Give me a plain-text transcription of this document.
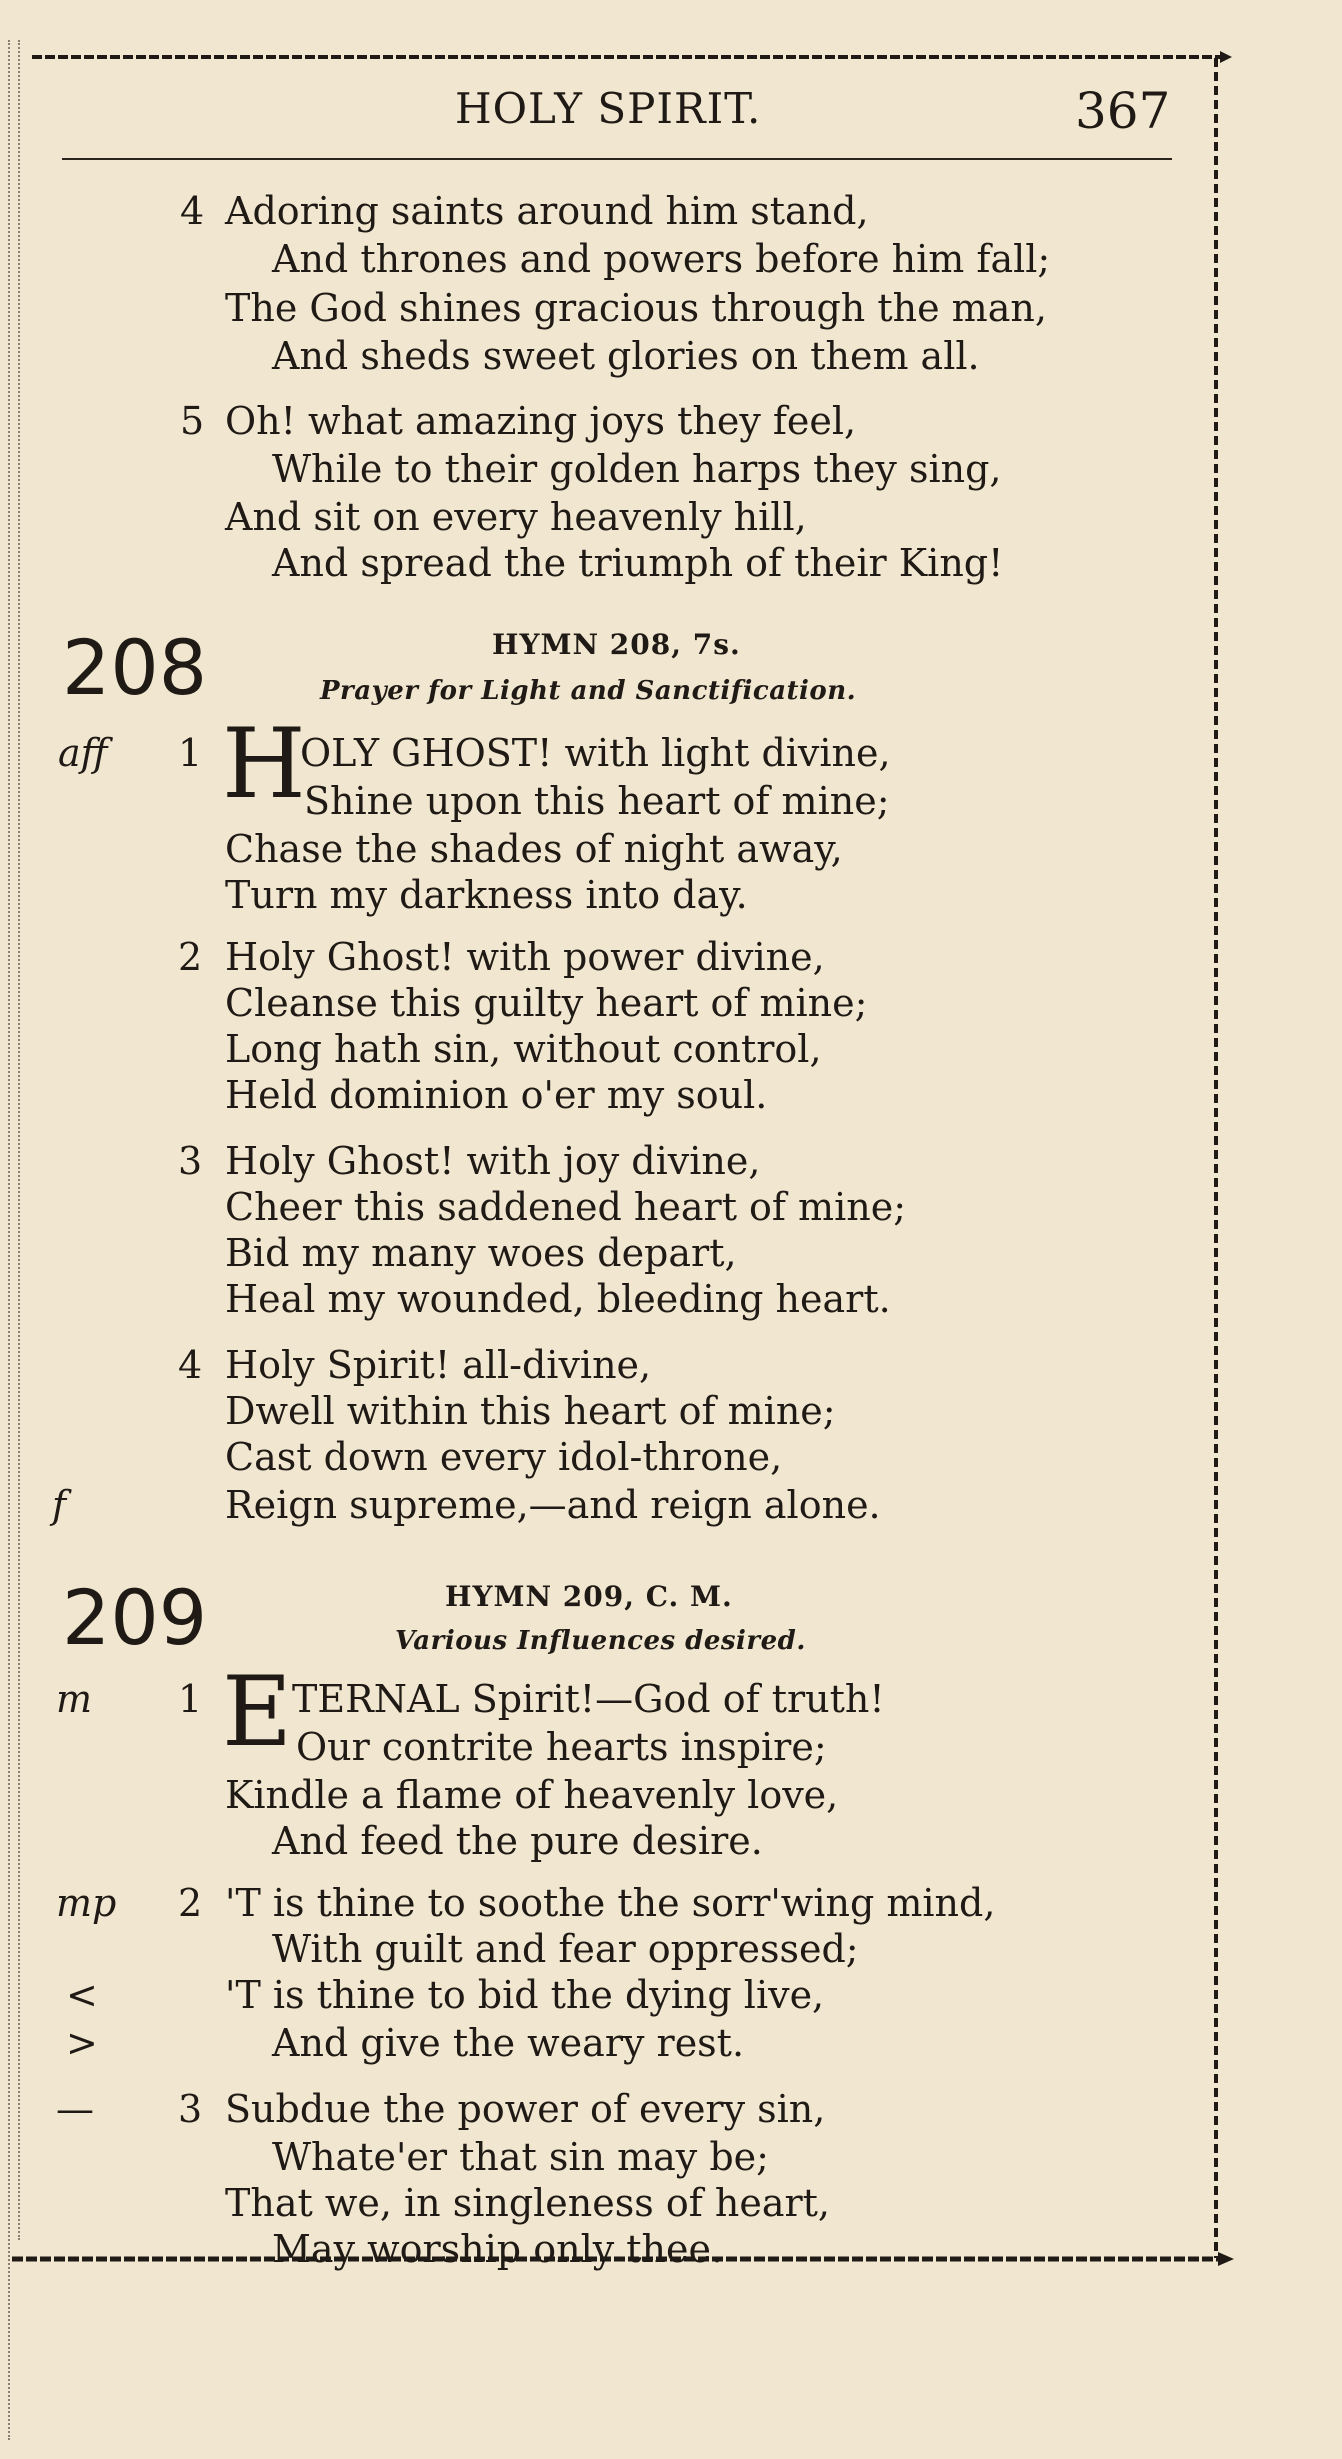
HOLY SPIRIT.	367
4 Adoring saints around him stand,
And thrones and powers before him fall;
The God shines gracious through the man,
And sheds sweet glories on them all.
5 Oh! what amazing joys they feel,
While to their golden harps they sing,
And sit on every heavenly hill,
And spread the triumph of their King!
208	HYMN 208, 7s.
Prayer for Light and Sanctification.
aff 1 H
OLY GHOST! with light divine,
Shine upon this heart of mine;
Chase the shades of night away,
Turn my darkness into day.
2 Holy Ghost! with power divine,
Cleanse this guilty heart of mine;
Long hath sin, without control,
Held dominion o'er my soul.
3 Holy Ghost! with joy divine,
Cheer this saddened heart of mine;
Bid my many woes depart,
Heal my wounded, bleeding heart.
4 Holy Spirit! all-divine,
Dwell within this heart of mine;
Cast down every idol-throne,
f	Reign supreme,—and reign alone.
209	HYMN 209, C. M.
Various Influences desired.
m 1 E TERNAL Spirit!—God of truth!
Our contrite hearts inspire;
Kindle a flame of heavenly love,
And feed the pure desire.
mp 2 'T is thine to soothe the sorr'wing mind,
With guilt and fear oppressed;
<	'T is thine to bid the dying live,
>	And give the weary rest.
— 3 Subdue the power of every sin,
Whate'er that sin may be;
That we, in singleness of heart,
May worship only thee.
